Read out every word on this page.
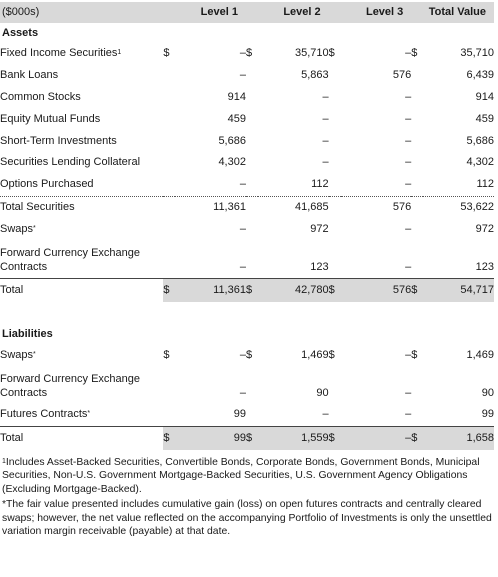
($000s)	Level 1		Level 2		Level 3		Total Value	
Assets								
Fixed Income Securities$^1$	$	–	$	35,710	$	–	$	35,710
Bank Loans		–		5,863		576		6,439
Common Stocks		914		–		–		914
Equity Mutual Funds		459		–		–		459
Short-Term Investments		5,686		–		–		5,686
Securities Lending Collateral		4,302		–		–		4,302
Options Purchased		–		112		–		112
Total Securities		11,361		41,685		576		53,622
Swaps*		–		972		–		972
Forward Currency Exchange Contracts		–		123		–		123
Total	$	11,361	$	42,780	$	576	$	54,717

Liabilities								
Swaps*	$	–	$	1,469	$	–	$	1,469
Forward Currency Exchange Contracts		–		90		–		90
Futures Contracts*		99		–		–		99
Total	$	99	$	1,559	$	–	$	1,658

$^1$Includes Asset-Backed Securities, Convertible Bonds, Corporate Bonds, Government Bonds, Municipal Securities, Non-U.S. Government Mortgage-Backed Securities, U.S. Government Agency Obligations (Excluding Mortgage-Backed).

*The fair value presented includes cumulative gain (loss) on open futures contracts and centrally cleared swaps; however, the net value reflected on the accompanying Portfolio of Investments is only the unsettled variation margin receivable (payable) at that date.
